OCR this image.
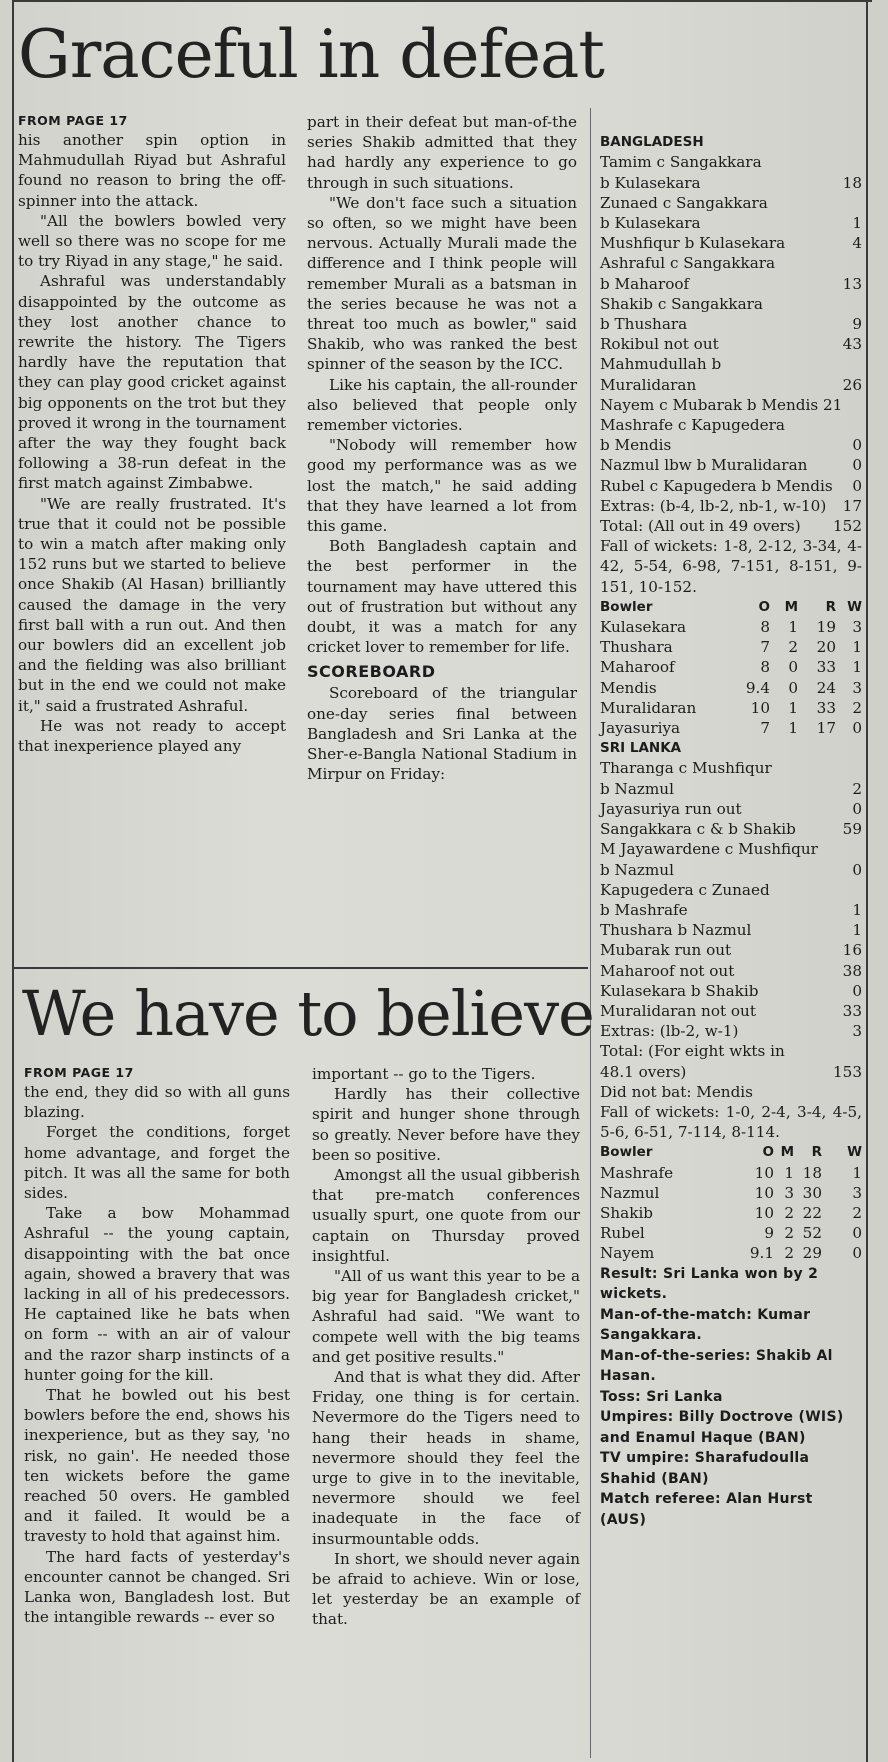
Graceful in defeat
FROM PAGE 17

his another spin option in Mahmudullah Riyad but Ashraful found no reason to bring the off-spinner into the attack.

"All the bowlers bowled very well so there was no scope for me to try Riyad in any stage," he said.

Ashraful was understandably disappointed by the outcome as they lost another chance to rewrite the history. The Tigers hardly have the reputation that they can play good cricket against big opponents on the trot but they proved it wrong in the tournament after the way they fought back following a 38-run defeat in the first match against Zimbabwe.

"We are really frustrated. It's true that it could not be possible to win a match after making only 152 runs but we started to believe once Shakib (Al Hasan) brilliantly caused the damage in the very first ball with a run out. And then our bowlers did an excellent job and the fielding was also brilliant but in the end we could not make it," said a frustrated Ashraful.

He was not ready to accept that inexperience played any

part in their defeat but man-of-the series Shakib admitted that they had hardly any experience to go through in such situations.

"We don't face such a situation so often, so we might have been nervous. Actually Murali made the difference and I think people will remember Murali as a batsman in the series because he was not a threat too much as bowler," said Shakib, who was ranked the best spinner of the season by the ICC.

Like his captain, the all-rounder also believed that people only remember victories.

"Nobody will remember how good my performance was as we lost the match," he said adding that they have learned a lot from this game.

Both Bangladesh captain and the best performer in the tournament may have uttered this out of frustration but without any doubt, it was a match for any cricket lover to remember for life.

SCOREBOARD

Scoreboard of the triangular one-day series final between Bangladesh and Sri Lanka at the Sher-e-Bangla National Stadium in Mirpur on Friday:

BANGLADESH
Tamim c Sangakkara
b Kulasekara	18
Zunaed c Sangakkara
b Kulasekara	1
Mushfiqur b Kulasekara	4
Ashraful c Sangakkara
b Maharoof	13
Shakib c Sangakkara
b Thushara	9
Rokibul not out	43
Mahmudullah b
Muralidaran	26
Nayem c Mubarak b Mendis 21
Mashrafe c Kapugedera
b Mendis	0
Nazmul lbw b Muralidaran	0
Rubel c Kapugedera b Mendis 0
Extras: (b-4, lb-2, nb-1, w-10) 17
Total: (All out in 49 overs) 152
Fall of wickets: 1-8, 2-12, 3-34, 4-42, 5-54, 6-98, 7-151, 8-151, 9-151, 10-152.
Bowler	O	M	R W
Kulasekara	8	1	19	3
Thushara	7	2	20	1
Maharoof	8	0	33	1
Mendis	9.4	0	24	3
Muralidaran	10	1	33	2
Jayasuriya	7	1	17	0
SRI LANKA
Tharanga c Mushfiqur
b Nazmul	2
Jayasuriya run out	0
Sangakkara c & b Shakib	59
M Jayawardene c Mushfiqur
b Nazmul	0
Kapugedera c Zunaed
b Mashrafe	1
Thushara b Nazmul	1
Mubarak run out	16
Maharoof not out	38
Kulasekara b Shakib	0
Muralidaran not out	33
Extras: (lb-2, w-1)	3
Total: (For eight wkts in
48.1 overs)	153
Did not bat: Mendis
Fall of wickets: 1-0, 2-4, 3-4, 4-5, 5-6, 6-51, 7-114, 8-114.
Bowler	O M	R	W
Mashrafe	10 1 18	1
Nazmul	10 3 30	3
Shakib	10 2 22	2
Rubel	9 2 52	0
Nayem	9.1 2 29	0
Result: Sri Lanka won by 2 wickets.
Man-of-the-match: Kumar Sangakkara.
Man-of-the-series: Shakib Al Hasan.
Toss: Sri Lanka
Umpires: Billy Doctrove (WIS) and Enamul Haque (BAN)
TV umpire: Sharafudoulla Shahid (BAN)
Match referee: Alan Hurst (AUS)
We have to believe
FROM PAGE 17

the end, they did so with all guns blazing.

Forget the conditions, forget home advantage, and forget the pitch. It was all the same for both sides.

Take a bow Mohammad Ashraful -- the young captain, disappointing with the bat once again, showed a bravery that was lacking in all of his predecessors. He captained like he bats when on form -- with an air of valour and the razor sharp instincts of a hunter going for the kill.

That he bowled out his best bowlers before the end, shows his inexperience, but as they say, 'no risk, no gain'. He needed those ten wickets before the game reached 50 overs. He gambled and it failed. It would be a travesty to hold that against him.

The hard facts of yesterday's encounter cannot be changed. Sri Lanka won, Bangladesh lost. But the intangible rewards -- ever so

important -- go to the Tigers.

Hardly has their collective spirit and hunger shone through so greatly. Never before have they been so positive.

Amongst all the usual gibberish that pre-match conferences usually spurt, one quote from our captain on Thursday proved insightful.

"All of us want this year to be a big year for Bangladesh cricket," Ashraful had said. "We want to compete well with the big teams and get positive results."

And that is what they did. After Friday, one thing is for certain. Nevermore do the Tigers need to hang their heads in shame, nevermore should they feel the urge to give in to the inevitable, nevermore should we feel inadequate in the face of insurmountable odds.

In short, we should never again be afraid to achieve. Win or lose, let yesterday be an example of that.
